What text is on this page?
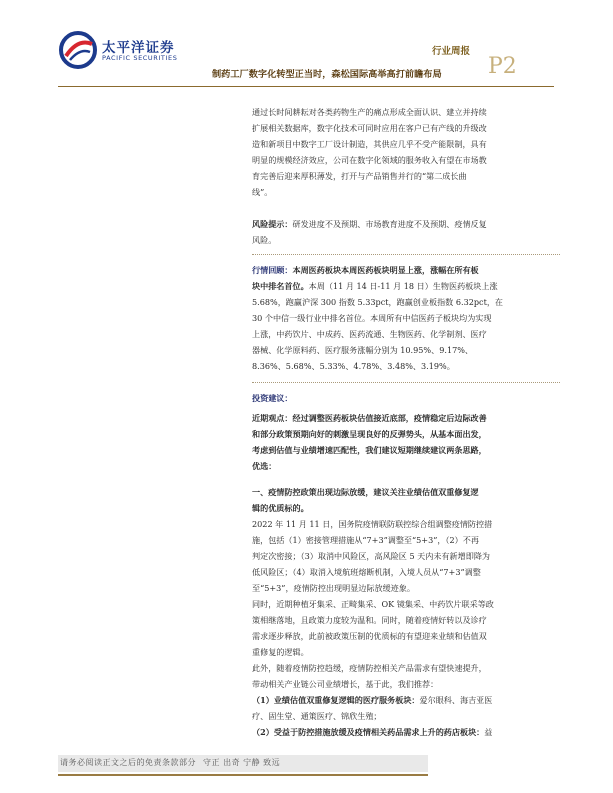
太平洋证券
PACIFIC SECURITIES
行业周报
制药工厂数字化转型正当时，森松国际高举高打前瞻布局 P2

通过长时间耕耘对各类药物生产的痛点形成全面认识、建立并持续

扩展相关数据库，数字化技术可同时应用在客户已有产线的升级改

造和新项目中数字工厂设计制造，其供应几乎不受产能限制，具有

明显的规模经济效应，公司在数字化领域的服务收入有望在市场教

育完善后迎来厚积薄发，打开与产品销售并行的“第二成长曲

线”。

风险提示：研发进度不及预期、市场教育进度不及预期、疫情反复

风险。

行情回顾：本周医药板块本周医药板块明显上涨，涨幅在所有板

块中排名首位。本周（11 月 14 日-11 月 18 日）生物医药板块上涨

5.68%，跑赢沪深 300 指数 5.33pct，跑赢创业板指数 6.32pct，在

30 个中信一级行业中排名首位。本周所有中信医药子板块均为实现

上涨，中药饮片、中成药、医药流通、生物医药、化学制剂、医疗

器械、化学原料药、医疗服务涨幅分别为 10.95%、9.17%、

8.36%、5.68%、5.33%、4.78%、3.48%、3.19%。

投资建议：

近期观点：经过调整医药板块估值接近底部，疫情稳定后边际改善

和部分政策预期向好的刺激呈现良好的反弹势头，从基本面出发，

考虑到估值与业绩增速匹配性，我们建议短期继续建议两条思路，

优选：

一、疫情防控政策出现边际放缓，建议关注业绩估值双重修复逻

辑的优质标的。

2022 年 11 月 11 日，国务院疫情联防联控综合组调整疫情防控措

施，包括（1）密接管理措施从“7+3”调整至“5+3”，（2）不再

判定次密接；（3）取消中风险区，高风险区 5 天内未有新增即降为

低风险区；（4）取消入境航班熔断机制，入境人员从“7+3”调整

至“5+3”，疫情防控出现明显边际放缓迹象。

同时，近期种植牙集采、正畸集采、OK 镜集采、中药饮片联采等政

策相继落地，且政策力度较为温和。同时，随着疫情好转以及诊疗

需求逐步释放，此前被政策压制的优质标的有望迎来业绩和估值双

重修复的逻辑。

此外，随着疫情防控趋缓，疫情防控相关产品需求有望快速提升，

带动相关产业链公司业绩增长，基于此，我们推荐：

（1）业绩估值双重修复逻辑的医疗服务板块：爱尔眼科、海吉亚医

疗、固生堂、通策医疗、锦欣生殖；

（2）受益于防控措施放缓及疫情相关药品需求上升的药店板块：益

请务必阅读正文之后的免责条款部分 守正 出奇 宁静 致远
